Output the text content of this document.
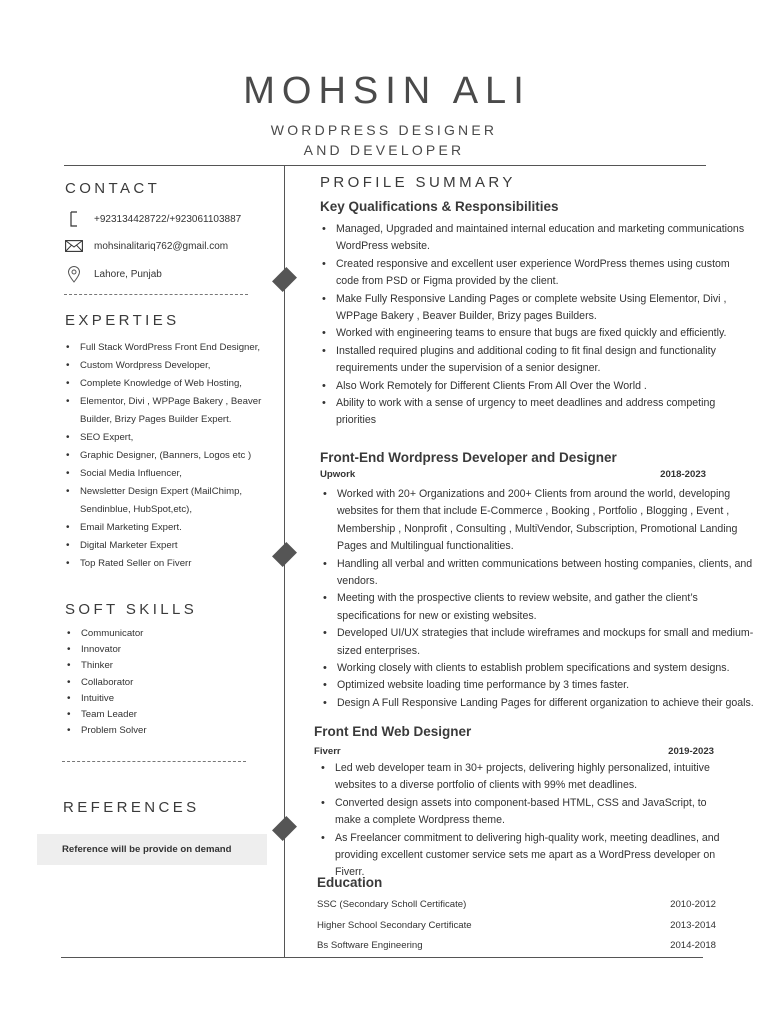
MOHSIN ALI
WORDPRESS DESIGNER
AND DEVELOPER
CONTACT
+923134428722/+923061103887
mohsinalitariq762@gmail.com
Lahore, Punjab
EXPERTIES
• Full Stack WordPress Front End Designer,
• Custom Wordpress Developer,
• Complete Knowledge of Web Hosting,
• Elementor, Divi , WPPage Bakery , Beaver Builder, Brizy Pages Builder Expert.
• SEO Expert,
• Graphic Designer, (Banners, Logos etc )
• Social Media Influencer,
• Newsletter Design Expert (MailChimp, Sendinblue, HubSpot,etc),
• Email Marketing Expert.
• Digital Marketer Expert
• Top Rated Seller on Fiverr
SOFT SKILLS
• Communicator
• Innovator
• Thinker
• Collaborator
• Intuitive
• Team Leader
• Problem Solver
REFERENCES
Reference will be provide on demand
PROFILE SUMMARY
Key Qualifications & Responsibilities
• Managed, Upgraded and maintained internal education and marketing communications WordPress website.
• Created responsive and excellent user experience WordPress themes using custom code from PSD or Figma provided by the client.
• Make Fully Responsive Landing Pages or complete website Using Elementor, Divi , WPPage Bakery , Beaver Builder, Brizy pages Builders.
• Worked with engineering teams to ensure that bugs are fixed quickly and efficiently.
• Installed required plugins and additional coding to fit final design and functionality requirements under the supervision of a senior designer.
• Also Work Remotely for Different Clients From All Over the World .
• Ability to work with a sense of urgency to meet deadlines and address competing priorities
Front-End Wordpress Developer and Designer
Upwork	2018-2023
• Worked with 20+ Organizations and 200+ Clients from around the world, developing websites for them that include E-Commerce , Booking , Portfolio , Blogging , Event , Membership , Nonprofit , Consulting , MultiVendor, Subscription, Promotional Landing Pages and Multilingual functionalities.
• Handling all verbal and written communications between hosting companies, clients, and vendors.
• Meeting with the prospective clients to review website, and gather the client’s specifications for new or existing websites.
• Developed UI/UX strategies that include wireframes and mockups for small and medium-sized enterprises.
• Working closely with clients to establish problem specifications and system designs.
• Optimized website loading time performance by 3 times faster.
• Design A Full Responsive Landing Pages for different organization to achieve their goals.
Front End Web Designer
Fiverr	2019-2023
• Led web developer team in 30+ projects, delivering highly personalized, intuitive websites to a diverse portfolio of clients with 99% met deadlines.
• Converted design assets into component-based HTML, CSS and JavaScript, to make a complete Wordpress theme.
• As Freelancer commitment to delivering high-quality work, meeting deadlines, and providing excellent customer service sets me apart as a WordPress developer on Fiverr.
Education
SSC (Secondary Scholl Certificate)	2010-2012
Higher School Secondary Certificate	2013-2014
Bs Software Engineering	2014-2018
